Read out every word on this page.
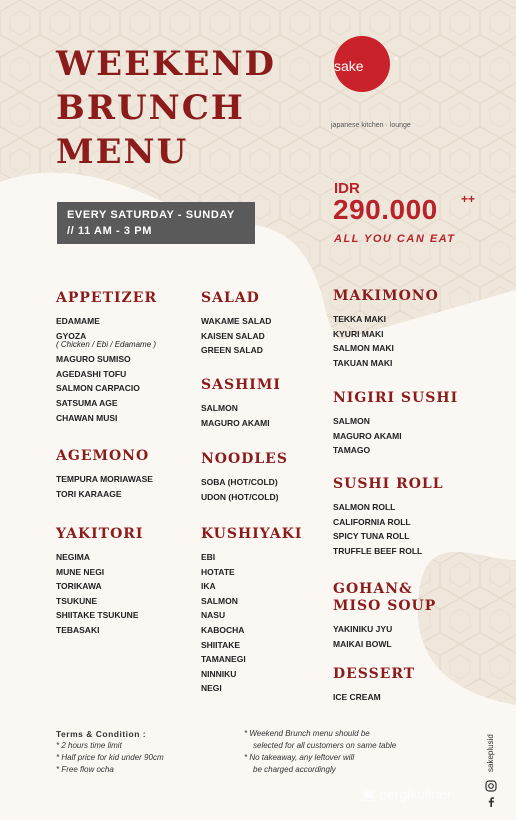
WEEKEND
BRUNCH
MENU
sake	+
japanese kitchen · lounge
EVERY SATURDAY - SUNDAY
// 11 AM - 3 PM
IDR
290.000 ++
ALL YOU CAN EAT
APPETIZER
EDAMAME
GYOZA
( Chicken / Ebi / Edamame )
MAGURO SUMISO
AGEDASHI TOFU
SALMON CARPACIO
SATSUMA AGE
CHAWAN MUSI
AGEMONO
TEMPURA MORIAWASE
TORI KARAAGE
YAKITORI
NEGIMA
MUNE NEGI
TORIKAWA
TSUKUNE
SHIITAKE TSUKUNE
TEBASAKI
SALAD
WAKAME SALAD
KAISEN SALAD
GREEN SALAD
SASHIMI
SALMON
MAGURO AKAMI
NOODLES
SOBA (HOT/COLD)
UDON (HOT/COLD)
KUSHIYAKI
EBI
HOTATE
IKA
SALMON
NASU
KABOCHA
SHIITAKE
TAMANEGI
NINNIKU
NEGI
MAKIMONO
TEKKA MAKI
KYURI MAKI
SALMON MAKI
TAKUAN MAKI
NIGIRI SUSHI
SALMON
MAGURO AKAMI
TAMAGO
SUSHI ROLL
SALMON ROLL
CALIFORNIA ROLL
SPICY TUNA ROLL
TRUFFLE BEEF ROLL
GOHAN&
MISO SOUP
YAKINIKU JYU
MAIKAI BOWL
DESSERT
ICE CREAM
Terms & Condition :
* 2 hours time limit
* Half price for kid under 90cm
* Free flow ocha
* Weekend Brunch menu should be
selected for all customers on same table
* No takeaway, any leftover will
be charged accordingly	sakeplusid
▣ pergikuliner
